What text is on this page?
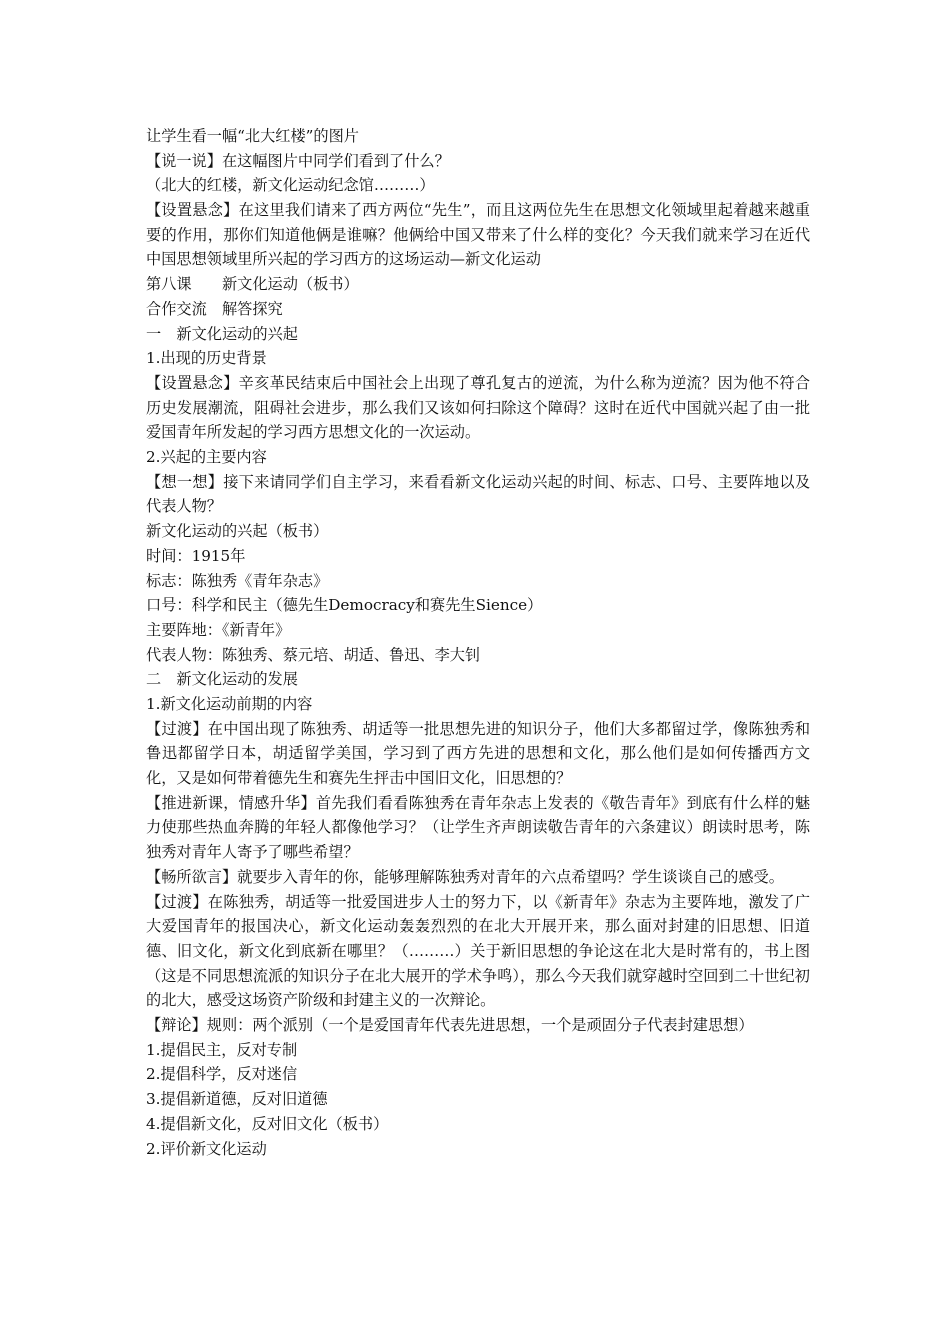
让学生看一幅“北大红楼”的图片
【说一说】在这幅图片中同学们看到了什么？
（北大的红楼，新文化运动纪念馆………）
【设置悬念】在这里我们请来了西方两位“先生”，而且这两位先生在思想文化领域里起着越来越重要的作用，那你们知道他俩是谁嘛？他俩给中国又带来了什么样的变化？今天我们就来学习在近代中国思想领域里所兴起的学习西方的这场运动—新文化运动
第八课　　新文化运动（板书）
合作交流　解答探究
一　新文化运动的兴起
1.出现的历史背景
【设置悬念】辛亥革民结束后中国社会上出现了尊孔复古的逆流，为什么称为逆流？因为他不符合历史发展潮流，阻碍社会进步，那么我们又该如何扫除这个障碍？这时在近代中国就兴起了由一批爱国青年所发起的学习西方思想文化的一次运动。
2.兴起的主要内容
【想一想】接下来请同学们自主学习，来看看新文化运动兴起的时间、标志、口号、主要阵地以及代表人物？
新文化运动的兴起（板书）
时间：1915年
标志：陈独秀《青年杂志》
口号：科学和民主（德先生Democracy和赛先生Sience）
主要阵地：《新青年》
代表人物：陈独秀、蔡元培、胡适、鲁迅、李大钊
二　新文化运动的发展
1.新文化运动前期的内容
【过渡】在中国出现了陈独秀、胡适等一批思想先进的知识分子，他们大多都留过学，像陈独秀和鲁迅都留学日本，胡适留学美国，学习到了西方先进的思想和文化，那么他们是如何传播西方文化，又是如何带着德先生和赛先生抨击中国旧文化，旧思想的？
【推进新课，情感升华】首先我们看看陈独秀在青年杂志上发表的《敬告青年》到底有什么样的魅力使那些热血奔腾的年轻人都像他学习？（让学生齐声朗读敬告青年的六条建议）朗读时思考，陈独秀对青年人寄予了哪些希望？
【畅所欲言】就要步入青年的你，能够理解陈独秀对青年的六点希望吗？学生谈谈自己的感受。
【过渡】在陈独秀，胡适等一批爱国进步人士的努力下，以《新青年》杂志为主要阵地，激发了广大爱国青年的报国决心，新文化运动轰轰烈烈的在北大开展开来，那么面对封建的旧思想、旧道德、旧文化，新文化到底新在哪里？（………）关于新旧思想的争论这在北大是时常有的，书上图（这是不同思想流派的知识分子在北大展开的学术争鸣），那么今天我们就穿越时空回到二十世纪初的北大，感受这场资产阶级和封建主义的一次辩论。
【辩论】规则：两个派别（一个是爱国青年代表先进思想，一个是顽固分子代表封建思想）
1.提倡民主，反对专制
2.提倡科学，反对迷信
3.提倡新道德，反对旧道德
4.提倡新文化，反对旧文化（板书）
2.评价新文化运动
